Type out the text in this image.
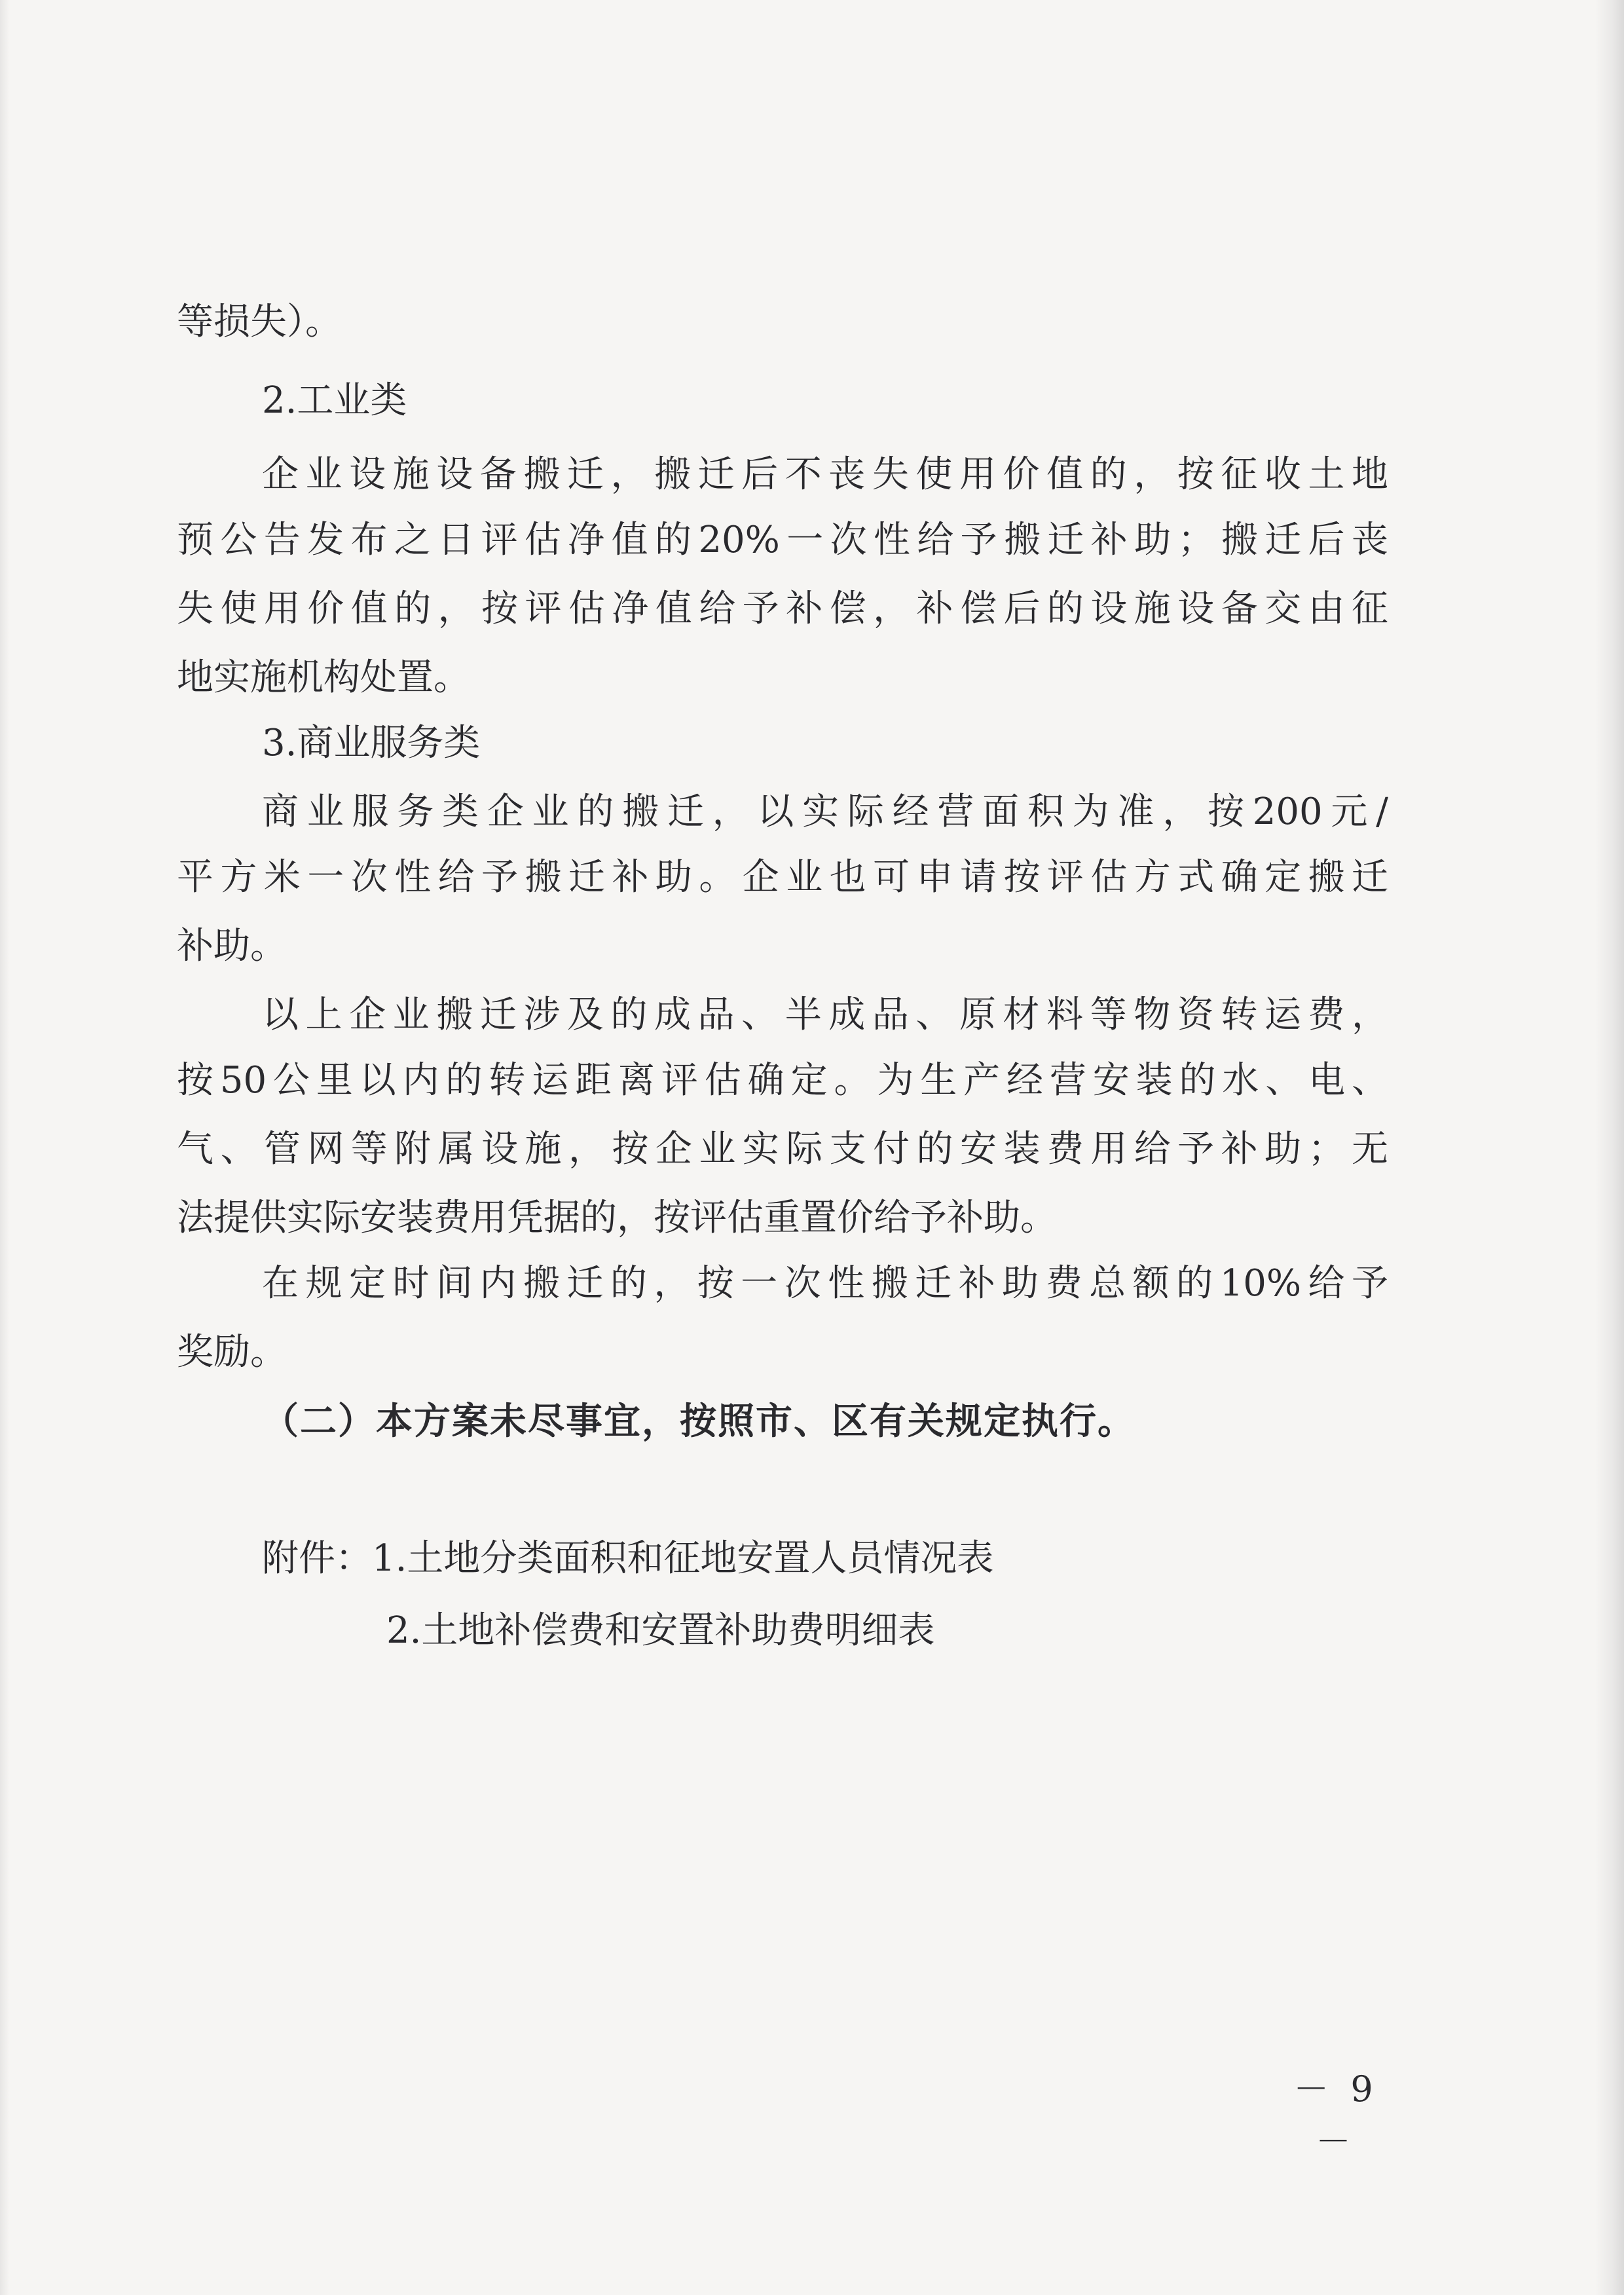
等损失）。
2.工业类
企业设施设备搬迁，搬迁后不丧失使用价值的，按征收土地
预公告发布之日评估净值的20%一次性给予搬迁补助；搬迁后丧
失使用价值的，按评估净值给予补偿，补偿后的设施设备交由征
地实施机构处置。
3.商业服务类
商业服务类企业的搬迁，以实际经营面积为准，按200元/
平方米一次性给予搬迁补助。企业也可申请按评估方式确定搬迁
补助。
以上企业搬迁涉及的成品、半成品、原材料等物资转运费，
按50公里以内的转运距离评估确定。为生产经营安装的水、电、
气、管网等附属设施，按企业实际支付的安装费用给予补助；无
法提供实际安装费用凭据的，按评估重置价给予补助。
在规定时间内搬迁的，按一次性搬迁补助费总额的10%给予
奖励。
（二）本方案未尽事宜，按照市、区有关规定执行。
附件：1.土地分类面积和征地安置人员情况表
2.土地补偿费和安置补助费明细表
－ 9 －
